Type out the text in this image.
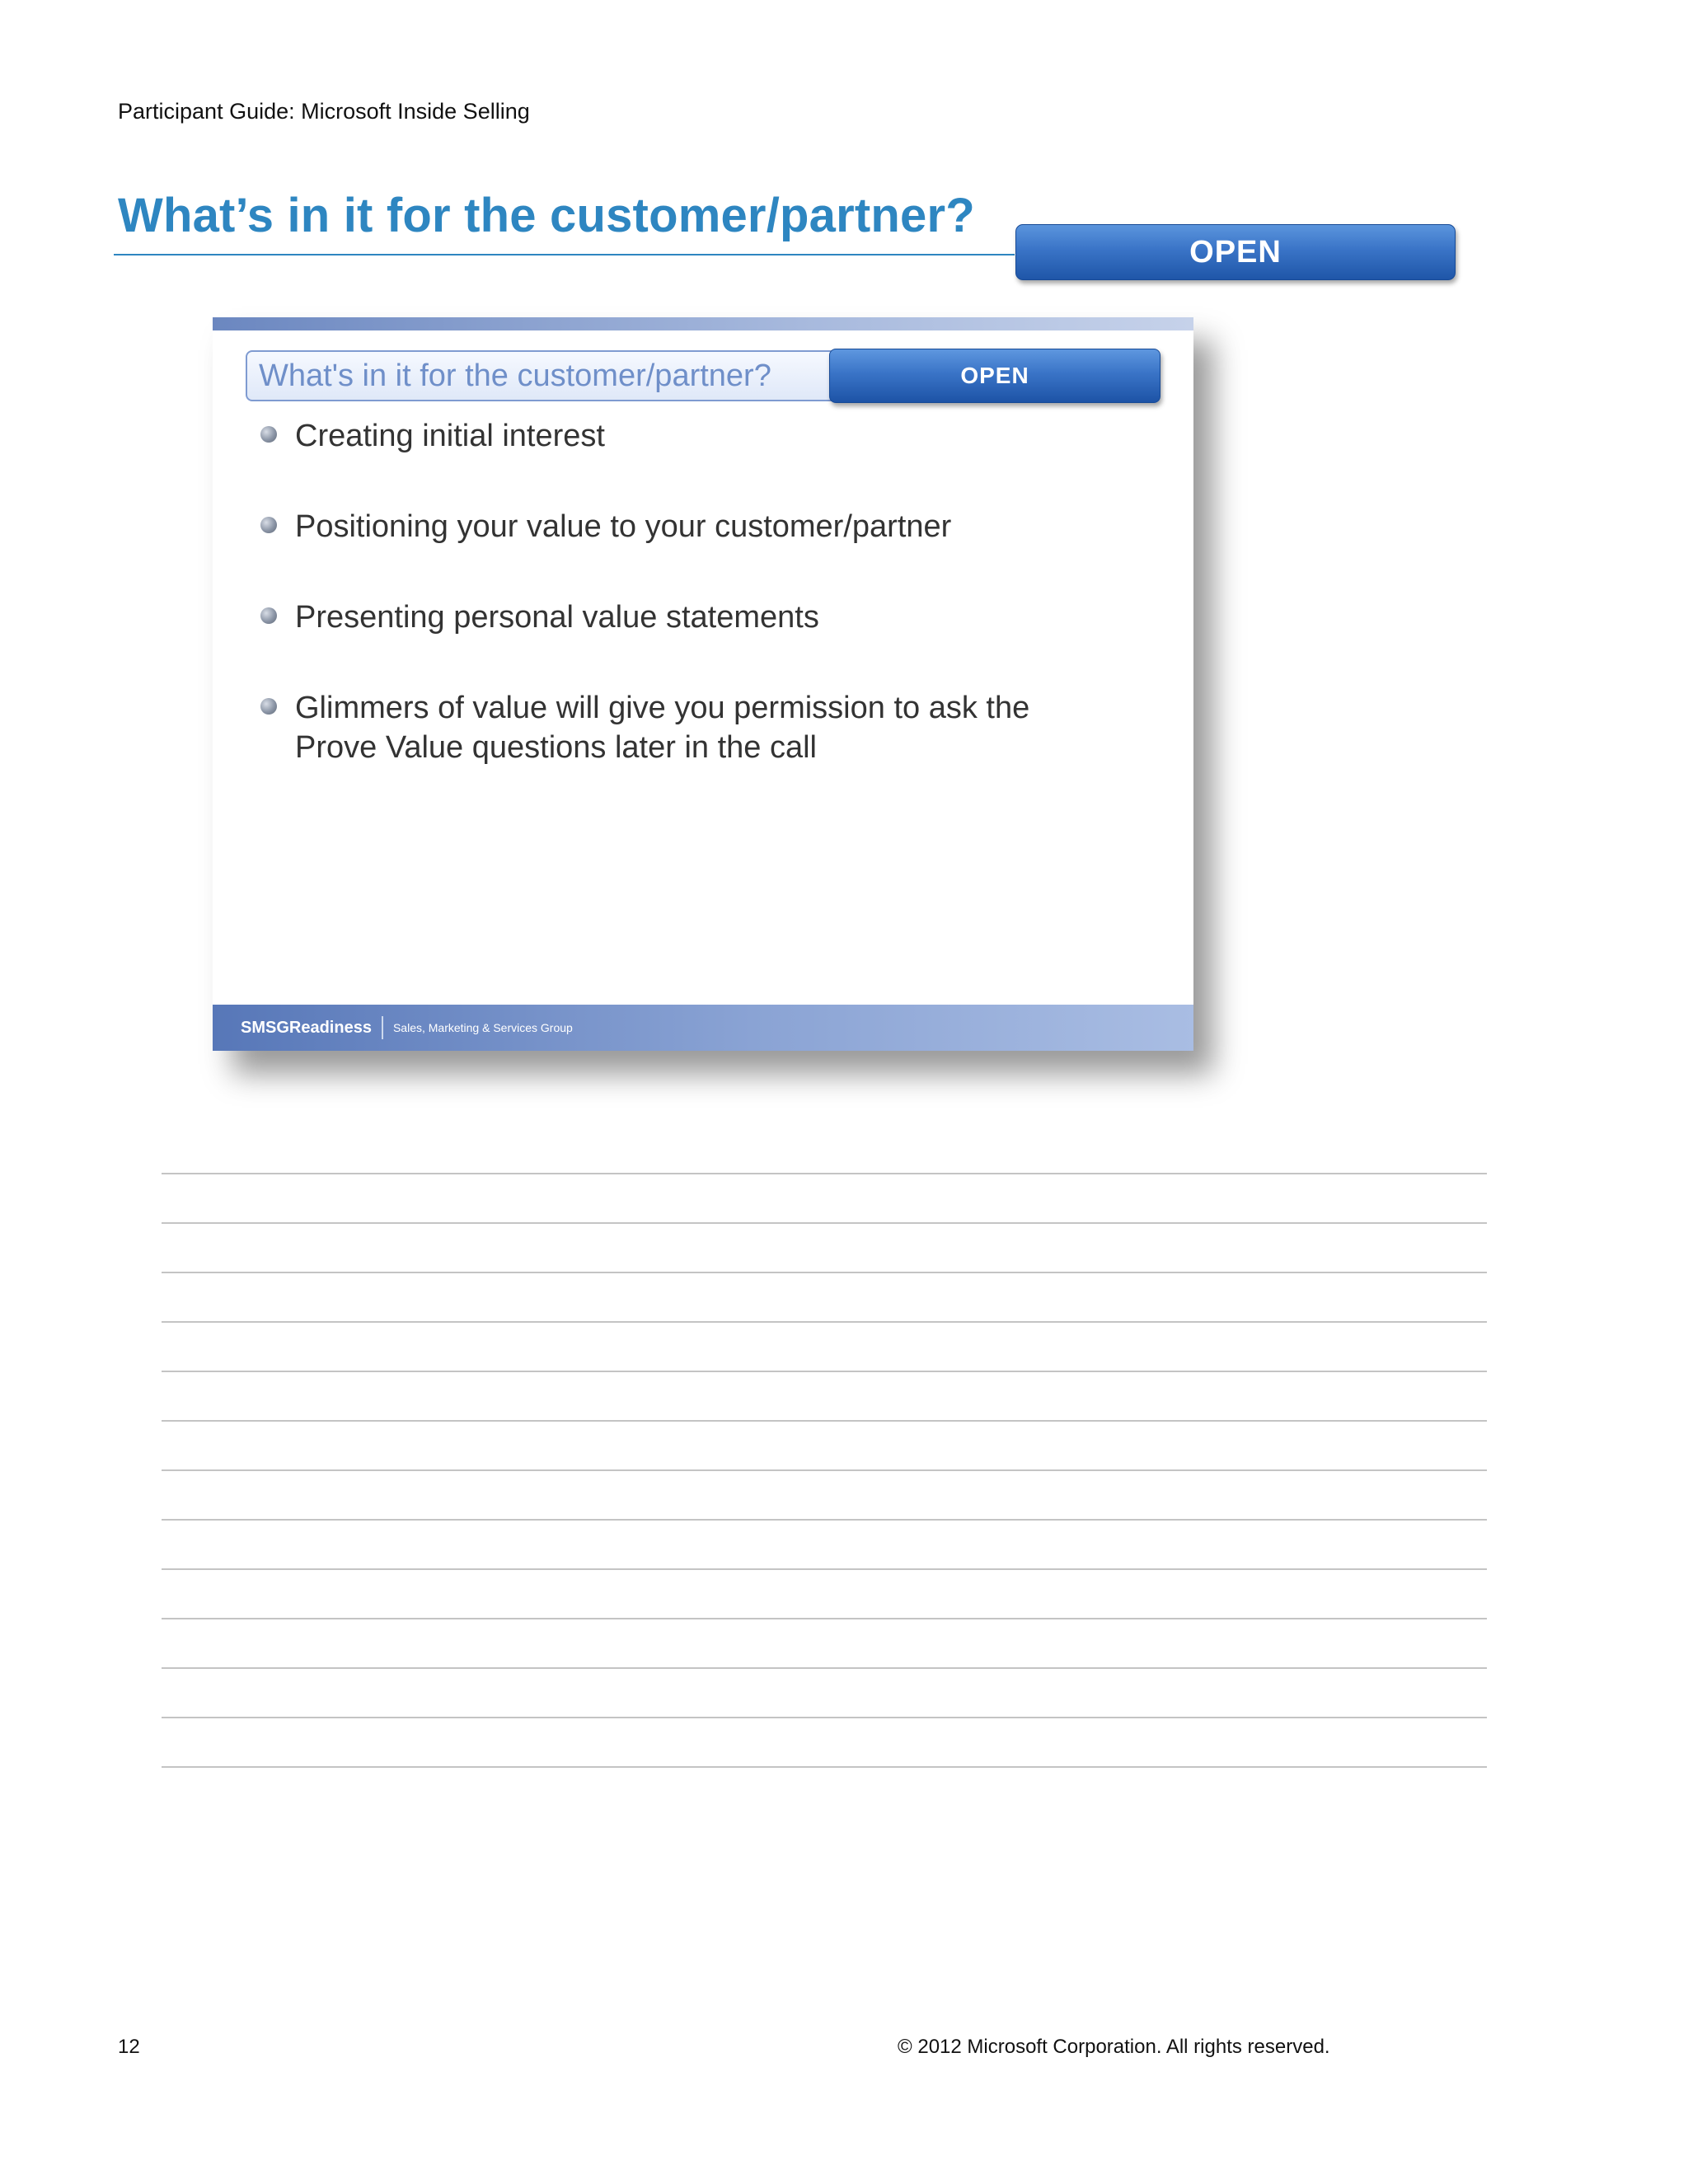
Participant Guide: Microsoft Inside Selling
What’s in it for the customer/partner?
OPEN
What's in it for the customer/partner?	OPEN
Creating initial interest
Positioning your value to your customer/partner
Presenting personal value statements
Glimmers of value will give you permission to ask the Prove Value questions later in the call
SMSGReadiness Sales, Marketing & Services Group
12	© 2012 Microsoft Corporation. All rights reserved.
